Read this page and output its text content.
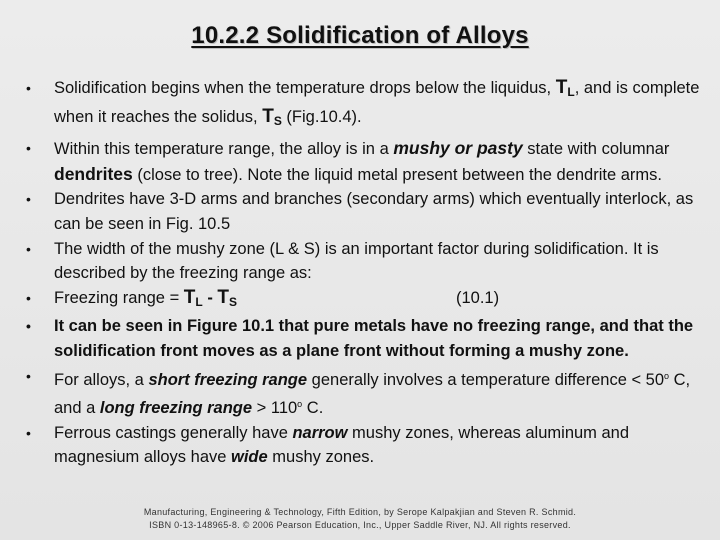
10.2.2 Solidification of Alloys
• Solidification begins when the temperature drops below the liquidus, $T_L$, and is complete when it reaches the solidus, $T_S$ (Fig.10.4).
• Within this temperature range, the alloy is in a mushy or pasty state with columnar dendrites (close to tree). Note the liquid metal present between the dendrite arms.
• Dendrites have 3-D arms and branches (secondary arms) which eventually interlock, as can be seen in Fig. 10.5
• The width of the mushy zone (L & S) is an important factor during solidification. It is described by the freezing range as:
• Freezing range = $T_L - T_S$	(10.1)
• It can be seen in Figure 10.1 that pure metals have no freezing range, and that the solidification front moves as a plane front without forming a mushy zone.
• For alloys, a short freezing range generally involves a temperature difference < $50^o$ C, and a long freezing range > $110^o$ C.
• Ferrous castings generally have narrow mushy zones, whereas aluminum and magnesium alloys have wide mushy zones.
Manufacturing, Engineering & Technology, Fifth Edition, by Serope Kalpakjian and Steven R. Schmid.
ISBN 0-13-148965-8. © 2006 Pearson Education, Inc., Upper Saddle River, NJ. All rights reserved.
